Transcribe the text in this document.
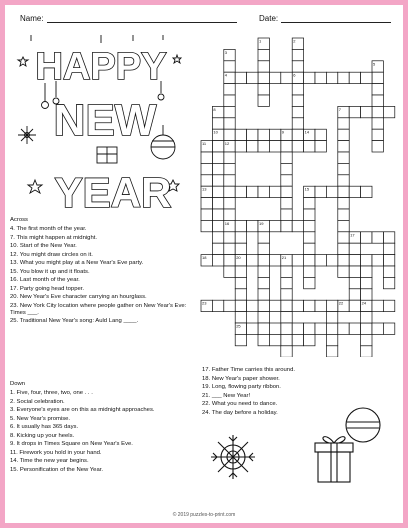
Name:	Date:
HAPPY
NEW
YEAR
Across
4. The first month of the year.
7. This might happen at midnight.
10. Start of the New Year.
12. You might draw circles on it.
13. What you might play at a New Year's Eve party.
15. You blow it up and it floats.
16. Last month of the year.
17. Party going head topper.
20. New Year's Eve character carrying an hourglass.
23. New York City location where people gather on New Year's Eve: Times ___.
25. Traditional New Year's song: Auld Lang ____.
Down
1. Five, four, three, two, one . . .
2. Social celebration.
3. Everyone's eyes are on this as midnight approaches.
5. New Year's promise.
6. It usually has 365 days.
8. Kicking up your heels.
9. It drops in Times Square on New Year's Eve.
11. Firework you hold in your hand.
14. Time the new year begins.
15. Personification of the New Year.
17. Father Time carries this around.
18. New Year's paper shower.
19. Long, flowing party ribbon.
21. ___ New Year!
22. What you need to dance.
24. The day before a holiday.
1	2
3
4
5
6
7
8
9
10
11	12
13
14
15
16
17
18
19
20	21
22
23	24
25
© 2019 puzzles-to-print.com
